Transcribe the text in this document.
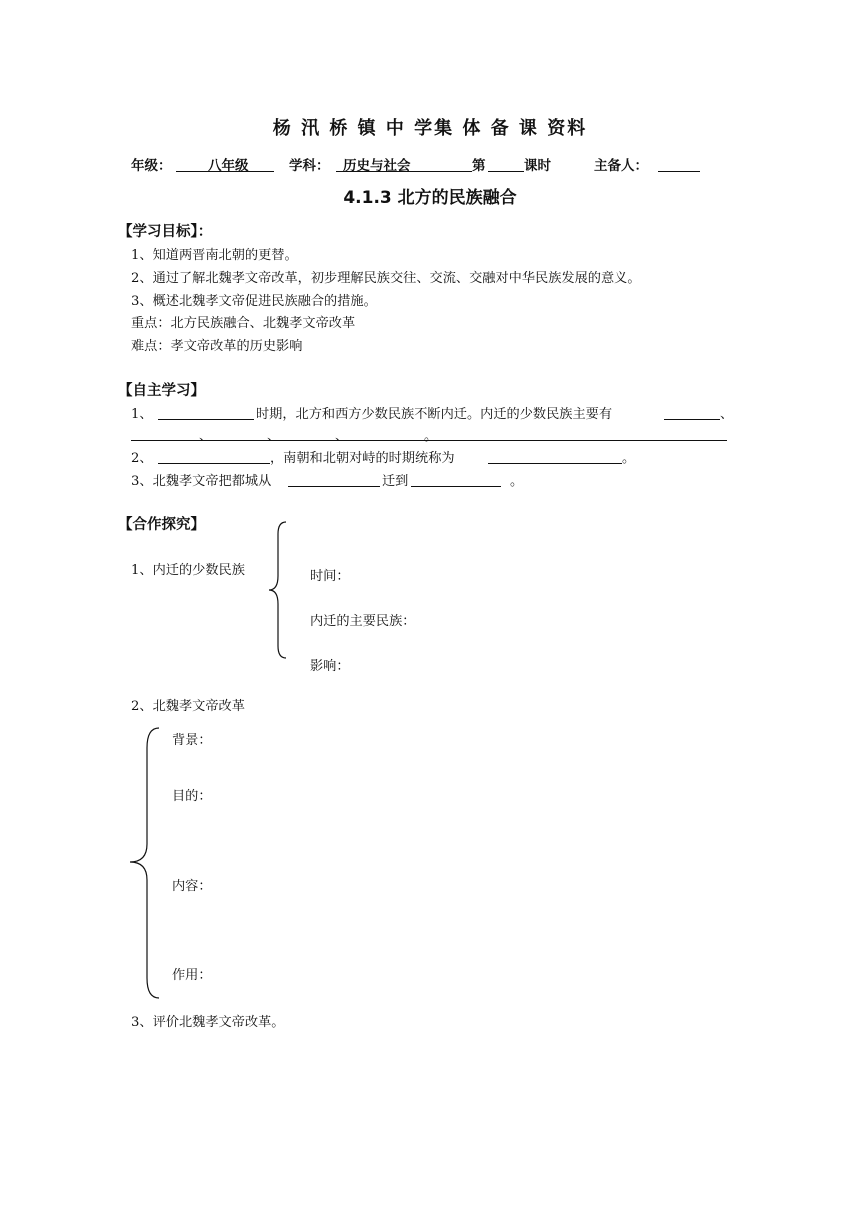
杨 汛 桥 镇 中 学集 体 备 课 资料
年级：	八年级	学科： 历史与社会	第	课时	主备人：
4.1.3 北方的民族融合
【学习目标】：
1、知道两晋南北朝的更替。
2、通过了解北魏孝文帝改革，初步理解民族交往、交流、交融对中华民族发展的意义。
3、概述北魏孝文帝促进民族融合的措施。
重点：北方民族融合、北魏孝文帝改革
难点：孝文帝改革的历史影响
【自主学习】
1、	时期，北方和西方少数民族不断内迁。内迁的少数民族主要有	、
、	、	、	。
2、	，南朝和北朝对峙的时期统称为	。
3、北魏孝文帝把都城从	迁到	。
【合作探究】
1、内迁的少数民族	时间：
内迁的主要民族：
影响：
2、北魏孝文帝改革
背景：
目的：
内容：
作用：
3、评价北魏孝文帝改革。
